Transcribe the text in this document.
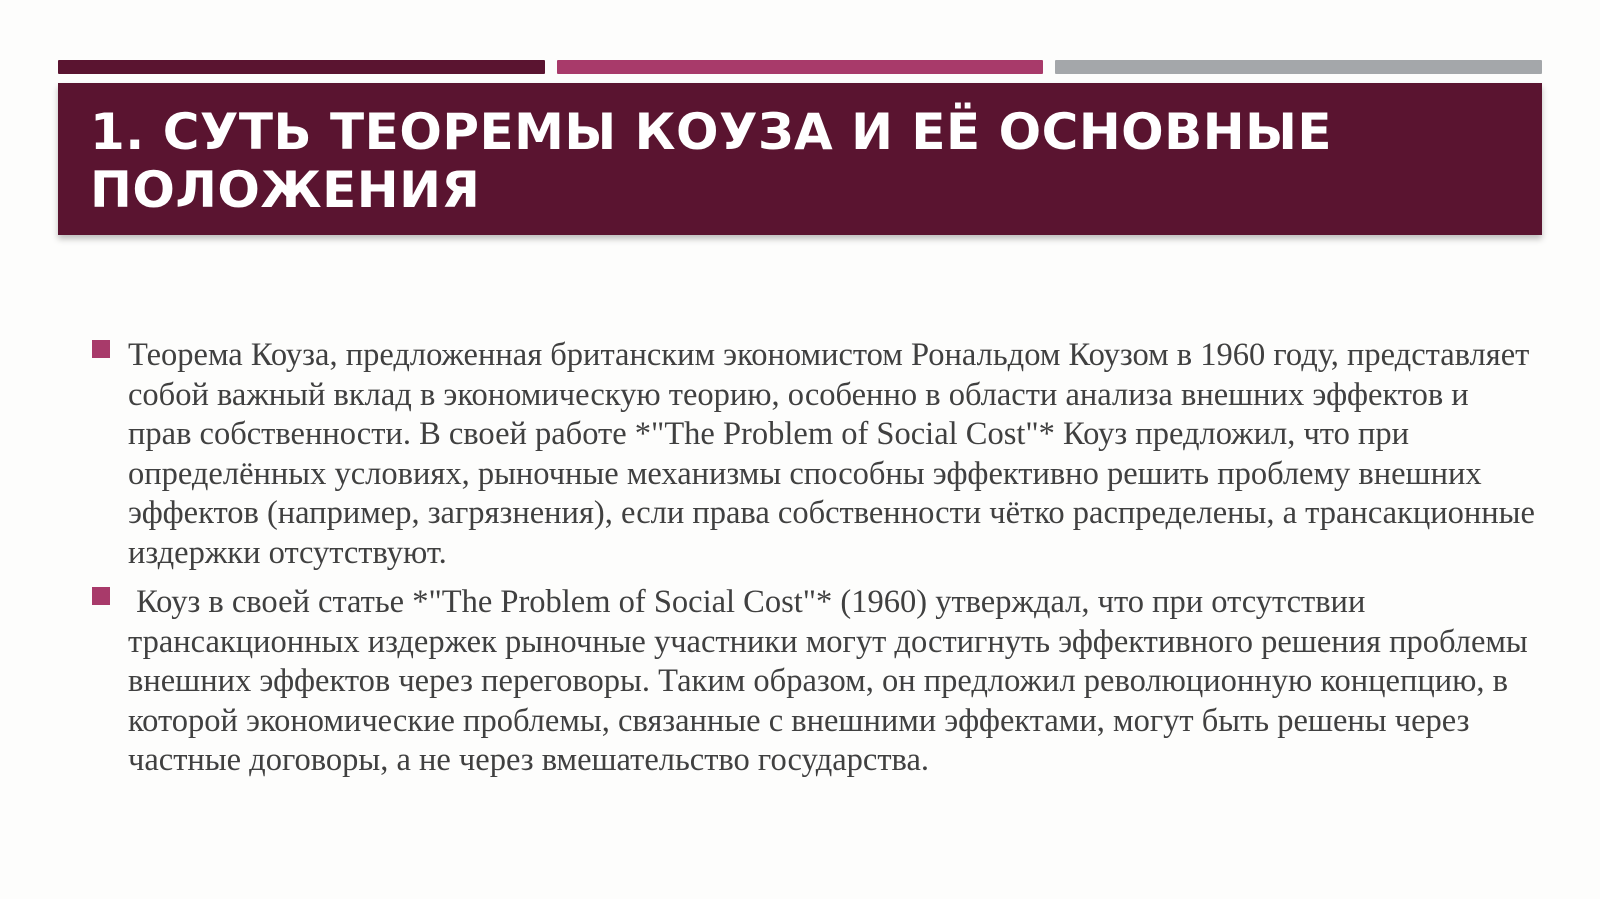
1. СУТЬ ТЕОРЕМЫ КОУЗА И ЕЁ ОСНОВНЫЕ ПОЛОЖЕНИЯ

Теорема Коуза, предложенная британским экономистом Рональдом Коузом в 1960 году, представляет собой важный вклад в экономическую теорию, особенно в области анализа внешних эффектов и прав собственности. В своей работе *"The Problem of Social Cost"* Коуз предложил, что при определённых условиях, рыночные механизмы способны эффективно решить проблему внешних эффектов (например, загрязнения), если права собственности чётко распределены, а трансакционные издержки отсутствуют.

Коуз в своей статье *"The Problem of Social Cost"* (1960) утверждал, что при отсутствии трансакционных издержек рыночные участники могут достигнуть эффективного решения проблемы внешних эффектов через переговоры. Таким образом, он предложил революционную концепцию, в которой экономические проблемы, связанные с внешними эффектами, могут быть решены через частные договоры, а не через вмешательство государства.
